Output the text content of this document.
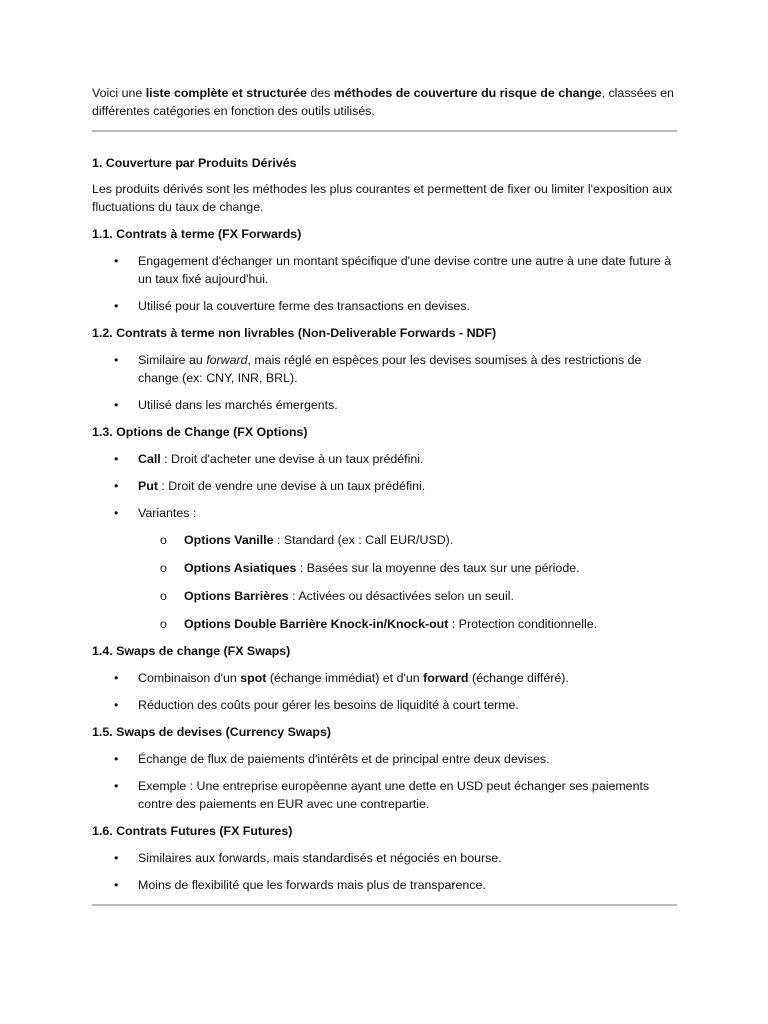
Voici une liste complète et structurée des méthodes de couverture du risque de change, classées en différentes catégories en fonction des outils utilisés.

1. Couverture par Produits Dérivés

Les produits dérivés sont les méthodes les plus courantes et permettent de fixer ou limiter l'exposition aux fluctuations du taux de change.

1.1. Contrats à terme (FX Forwards)

• Engagement d'échanger un montant spécifique d'une devise contre une autre à une date future à un taux fixé aujourd'hui.
• Utilisé pour la couverture ferme des transactions en devises.

1.2. Contrats à terme non livrables (Non-Deliverable Forwards - NDF)

• Similaire au forward, mais réglé en espèces pour les devises soumises à des restrictions de change (ex: CNY, INR, BRL).
• Utilisé dans les marchés émergents.

1.3. Options de Change (FX Options)

• Call : Droit d'acheter une devise à un taux prédéfini.
• Put : Droit de vendre une devise à un taux prédéfini.
• Variantes :
o Options Vanille : Standard (ex : Call EUR/USD).
o Options Asiatiques : Basées sur la moyenne des taux sur une période.
o Options Barrières : Activées ou désactivées selon un seuil.
o Options Double Barrière Knock-in/Knock-out : Protection conditionnelle.

1.4. Swaps de change (FX Swaps)

• Combinaison d'un spot (échange immédiat) et d'un forward (échange différé).
• Réduction des coûts pour gérer les besoins de liquidité à court terme.

1.5. Swaps de devises (Currency Swaps)

• Échange de flux de paiements d'intérêts et de principal entre deux devises.
• Exemple : Une entreprise européenne ayant une dette en USD peut échanger ses paiements contre des paiements en EUR avec une contrepartie.

1.6. Contrats Futures (FX Futures)

• Similaires aux forwards, mais standardisés et négociés en bourse.
• Moins de flexibilité que les forwards mais plus de transparence.
